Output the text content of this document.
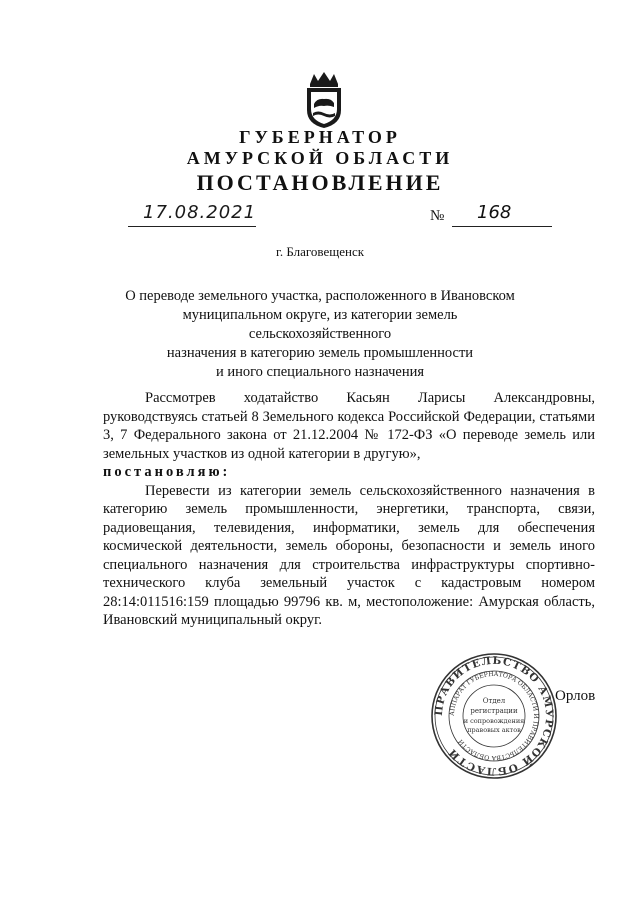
ГУБЕРНАТОР
АМУРСКОЙ ОБЛАСТИ
ПОСТАНОВЛЕНИЕ
17.08.2021	№ 168
г. Благовещенск
О переводе земельного участка, расположенного в Ивановском
муниципальном округе, из категории земель сельскохозяйственного
назначения в категорию земель промышленности
и иного специального назначения

Рассмотрев ходатайство Касьян Ларисы Александровны, руководствуясь статьей 8 Земельного кодекса Российской Федерации, статьями 3, 7 Федерального закона от 21.12.2004 № 172-ФЗ «О переводе земель или земельных участков из одной категории в другую»,

постановляю:

Перевести из категории земель сельскохозяйственного назначения в категорию земель промышленности, энергетики, транспорта, связи, радиовещания, телевидения, информатики, земель для обеспечения космической деятельности, земель обороны, безопасности и земель иного специального назначения для строительства инфраструктуры спортивно-технического клуба земельный участок с кадастровым номером 28:14:011516:159 площадью 99796 кв. м, местоположение: Амурская область, Ивановский муниципальный округ.

ПРАВИТЕЛЬСТВО АМУРСКОЙ ОБЛАСТИ
АППАРАТ ГУБЕРНАТОРА ОБЛАСТИ И ПРАВИТЕЛЬСТВА ОБЛАСТИ
Отдел
регистрации
и сопровождения
правовых актов
Орлов
